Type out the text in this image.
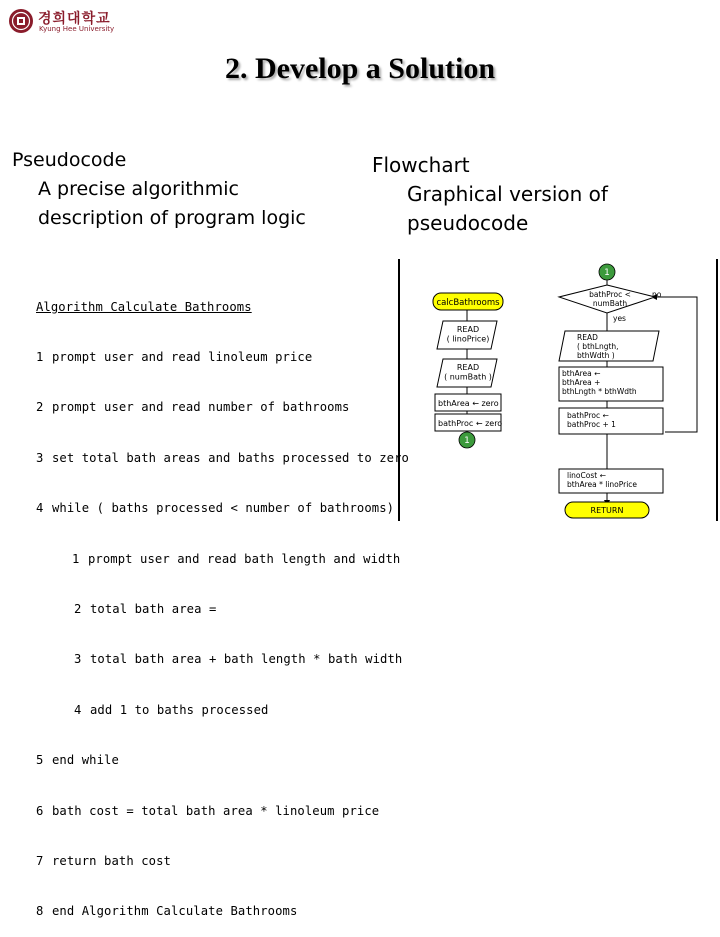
경희대학교
Kyung Hee University
2. Develop a Solution
Pseudocode
A precise algorithmic
description of program logic
Flowchart
Graphical version of
pseudocode

Algorithm Calculate Bathrooms

1 prompt user and read linoleum price

2 prompt user and read number of bathrooms

3 set total bath areas and baths processed to zero

4 while ( baths processed < number of bathrooms)

1 prompt user and read bath length and width

2 total bath area =

3 total bath area + bath length * bath width

4 add 1 to baths processed

5 end while

6 bath cost = total bath area * linoleum price

7 return bath cost

8 end Algorithm Calculate Bathrooms

1
calcBathrooms
READ ( linoPrice)
READ ( numBath )
bthArea ← zero
bathProc ← zero
1
bathProc < numBath
no
yes
READ ( bthLngth, bthWdth )
bthArea ← bthArea + bthLngth * bthWdth
bathProc ← bathProc + 1
linoCost ← bthArea * linoPrice
RETURN
